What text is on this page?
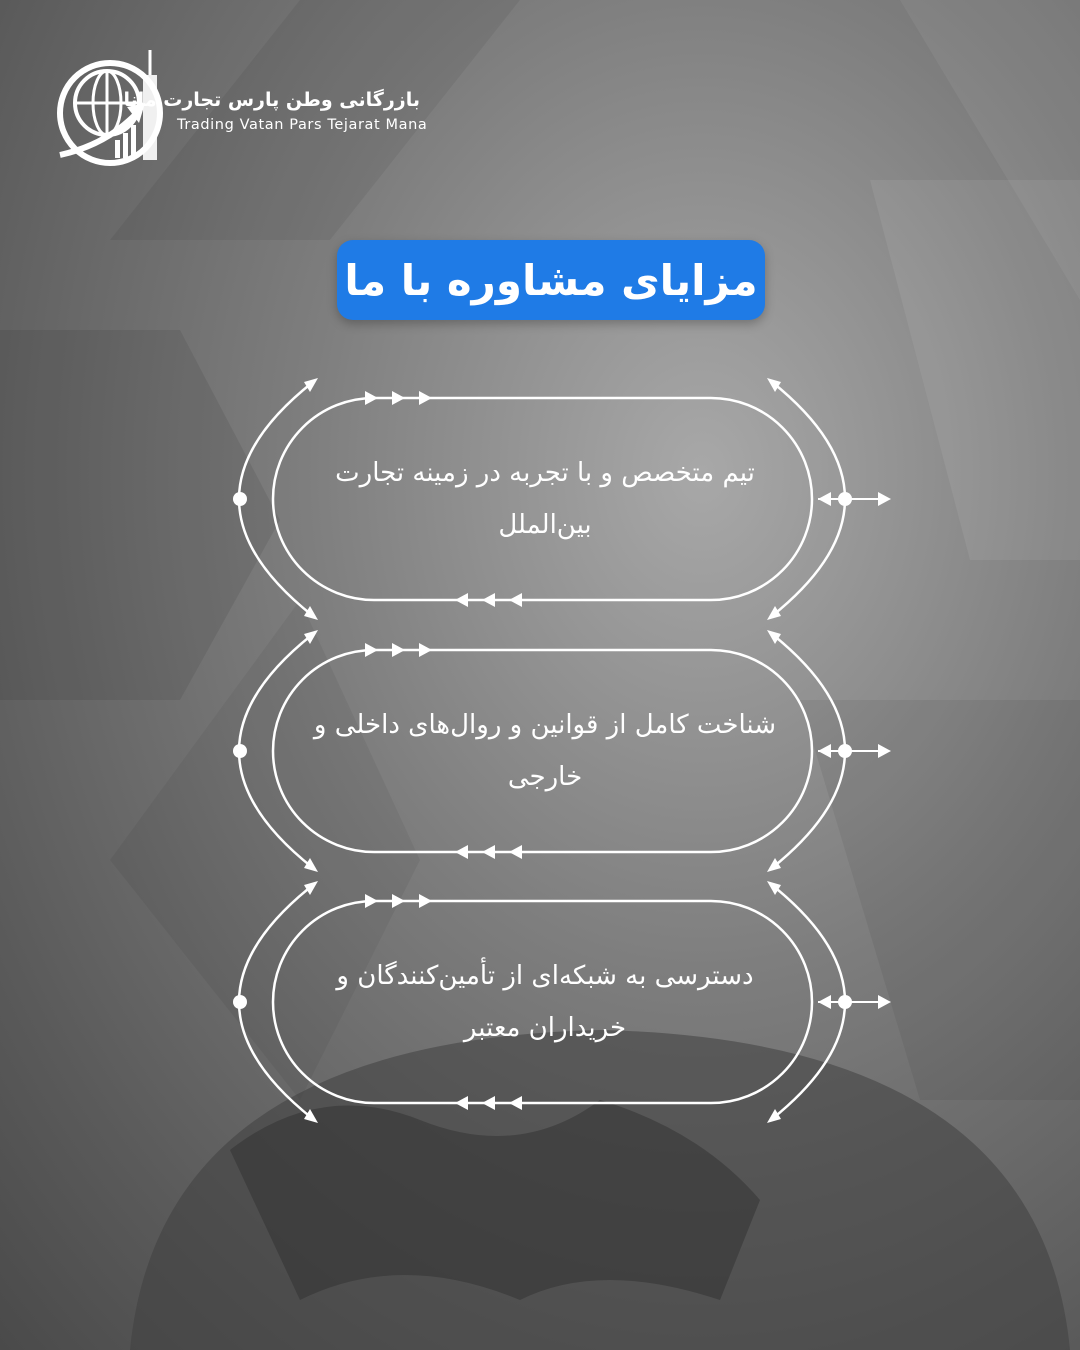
بازرگانی وطن پارس تجارت مانا
Trading Vatan Pars Tejarat Mana
مزایای مشاوره با ما
تیم متخصص و با تجربه در زمینه تجارت بین‌الملل
شناخت کامل از قوانین و روال‌های داخلی و خارجی
دسترسی به شبکه‌ای از تأمین‌کنندگان و خریداران معتبر
